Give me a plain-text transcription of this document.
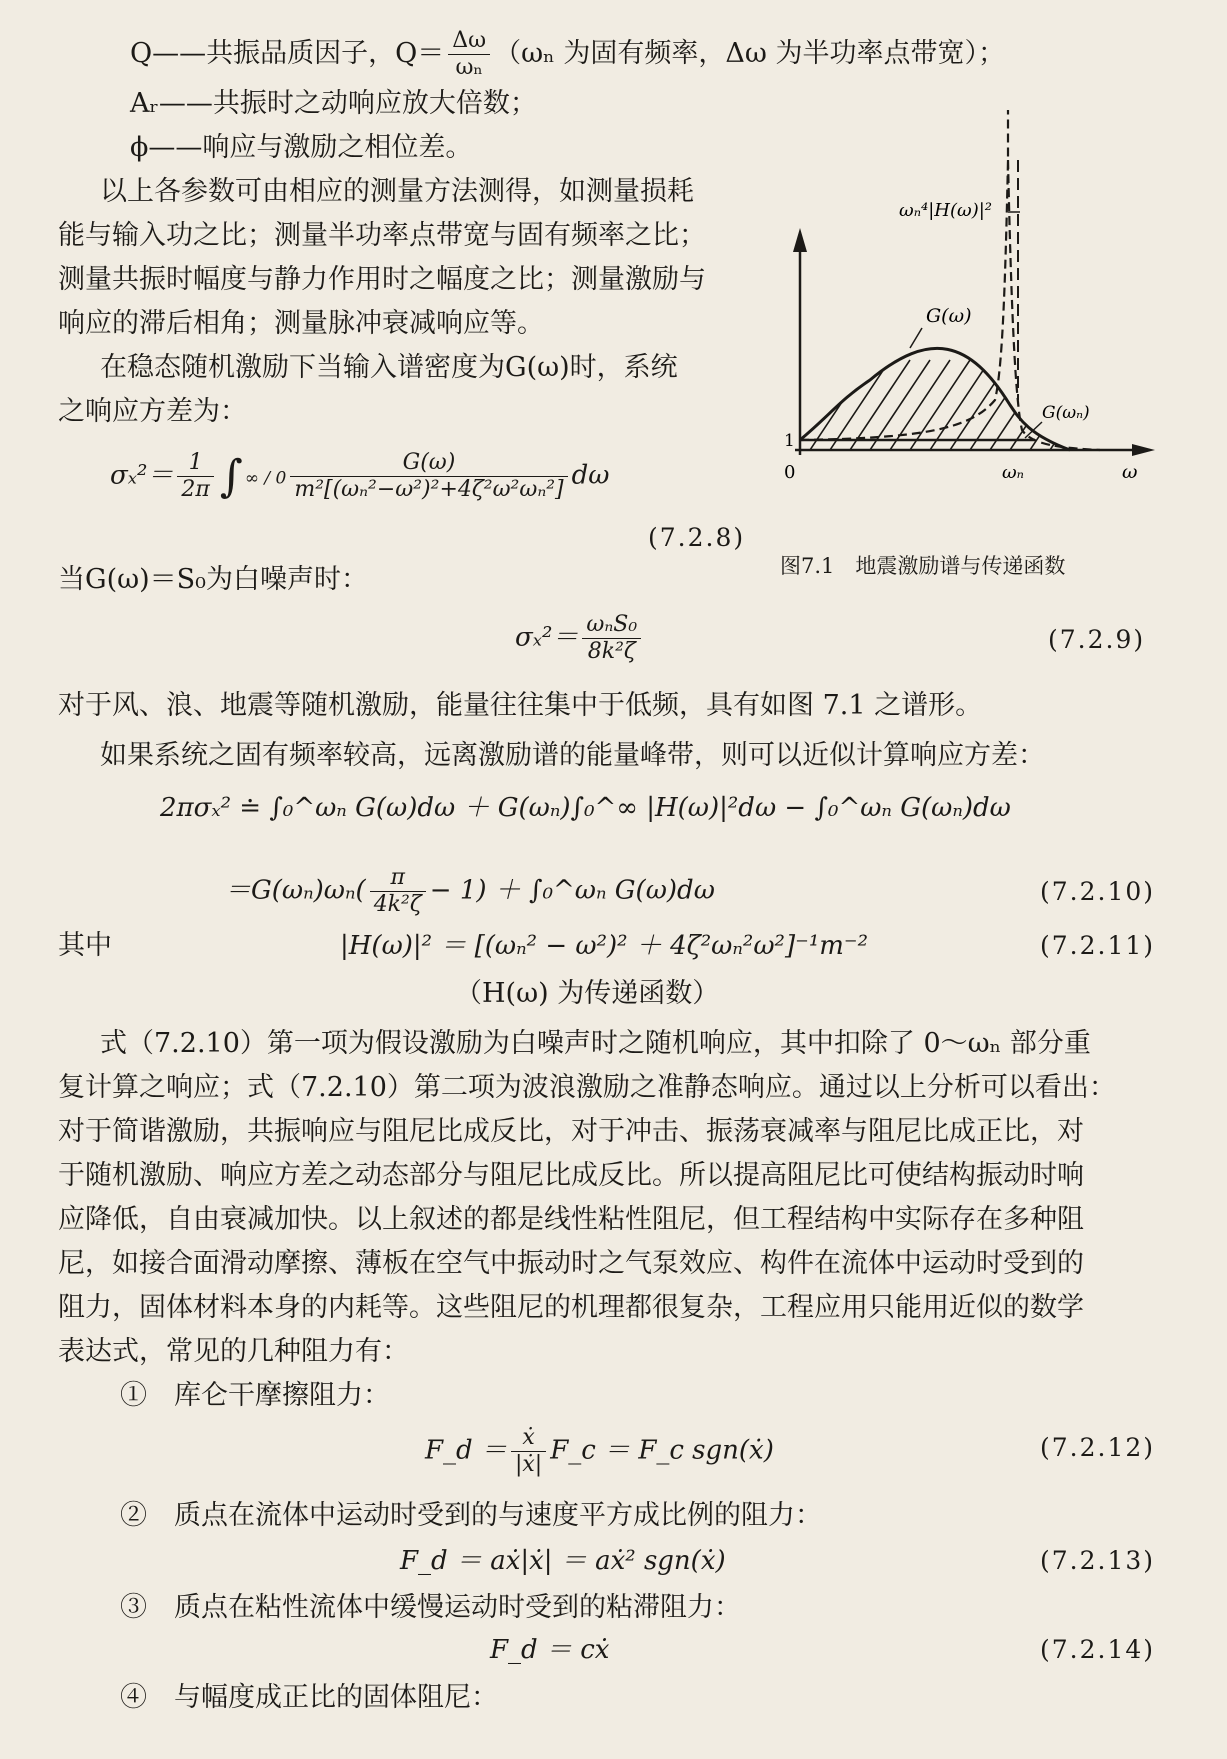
Q——共振品质因子，$Q= \frac{\Delta\omega}{\text{ωₙ}} (\omega_n$ 为固有频率，Δω 为半功率点带宽）；
Aᵣ——共振时之动响应放大倍数；
ϕ——响应与激励之相位差。
以上各参数可由相应的测量方法测得，如测量损耗
能与输入功之比；测量半功率点带宽与固有频率之比；
测量共振时幅度与静力作用时之幅度之比；测量激励与
响应的滞后相角；测量脉冲衰减响应等。
在稳态随机激励下当输入谱密度为G(ω)时，系统
之响应方差为：
$\sigma_x^2= \frac{1}{2\pi}$ ∫ ∞ / $0 \frac{G(\omega)}{\text{m²[(ωₙ²−ω²)²+4ζ²ω²ωₙ²]}}$ dω
(7.2.8)
当G(ω)＝S₀为白噪声时：
$\sigma_x^2= \frac{\text{ωₙS₀}}{\text{8k²ζ}}$	(7.2.9)
对于风、浪、地震等随机激励，能量往往集中于低频，具有如图 7.1 之谱形。
如果系统之固有频率较高，远离激励谱的能量峰带，则可以近似计算响应方差：
2πσₓ² ≐ ∫₀^ωₙ G(ω)dω ＋ G(ωₙ)∫₀^∞ |H(ω)|²dω − ∫₀^ωₙ G(ωₙ)dω
$=G(\omega_n)\omega_n( \frac{\pi}{\text{4k²ζ}} - 1)$ ＋ ∫₀^ωₙ G(ω)dω	(7.2.10)
其中	|H(ω)|² ＝ [(ωₙ² − ω²)² ＋ 4ζ²ωₙ²ω²]⁻¹m⁻²	(7.2.11)
（H(ω) 为传递函数）
式（7.2.10）第一项为假设激励为白噪声时之随机响应，其中扣除了 0～ωₙ 部分重
复计算之响应；式（7.2.10）第二项为波浪激励之准静态响应。通过以上分析可以看出：
对于简谐激励，共振响应与阻尼比成反比，对于冲击、振荡衰减率与阻尼比成正比，对
于随机激励、响应方差之动态部分与阻尼比成反比。所以提高阻尼比可使结构振动时响
应降低，自由衰减加快。以上叙述的都是线性粘性阻尼，但工程结构中实际存在多种阻
尼，如接合面滑动摩擦、薄板在空气中振动时之气泵效应、构件在流体中运动时受到的
阻力，固体材料本身的内耗等。这些阻尼的机理都很复杂，工程应用只能用近似的数学
表达式，常见的几种阻力有：
①　库仑干摩擦阻力：
F_d ＝ $\frac{\text{ẋ}}{\text{|ẋ|}}$ F_c ＝ F_c sgn(ẋ)	(7.2.12)
②　质点在流体中运动时受到的与速度平方成比例的阻力：
F_d ＝ aẋ|ẋ| ＝ aẋ² sgn(ẋ)	(7.2.13)
③　质点在粘性流体中缓慢运动时受到的粘滞阻力：
F_d ＝ cẋ	(7.2.14)
④　与幅度成正比的固体阻尼：
ωₙ⁴|H(ω)|²
G(ω)
G(ωₙ)
1
0	ωₙ	ω
图7.1　地震激励谱与传递函数
